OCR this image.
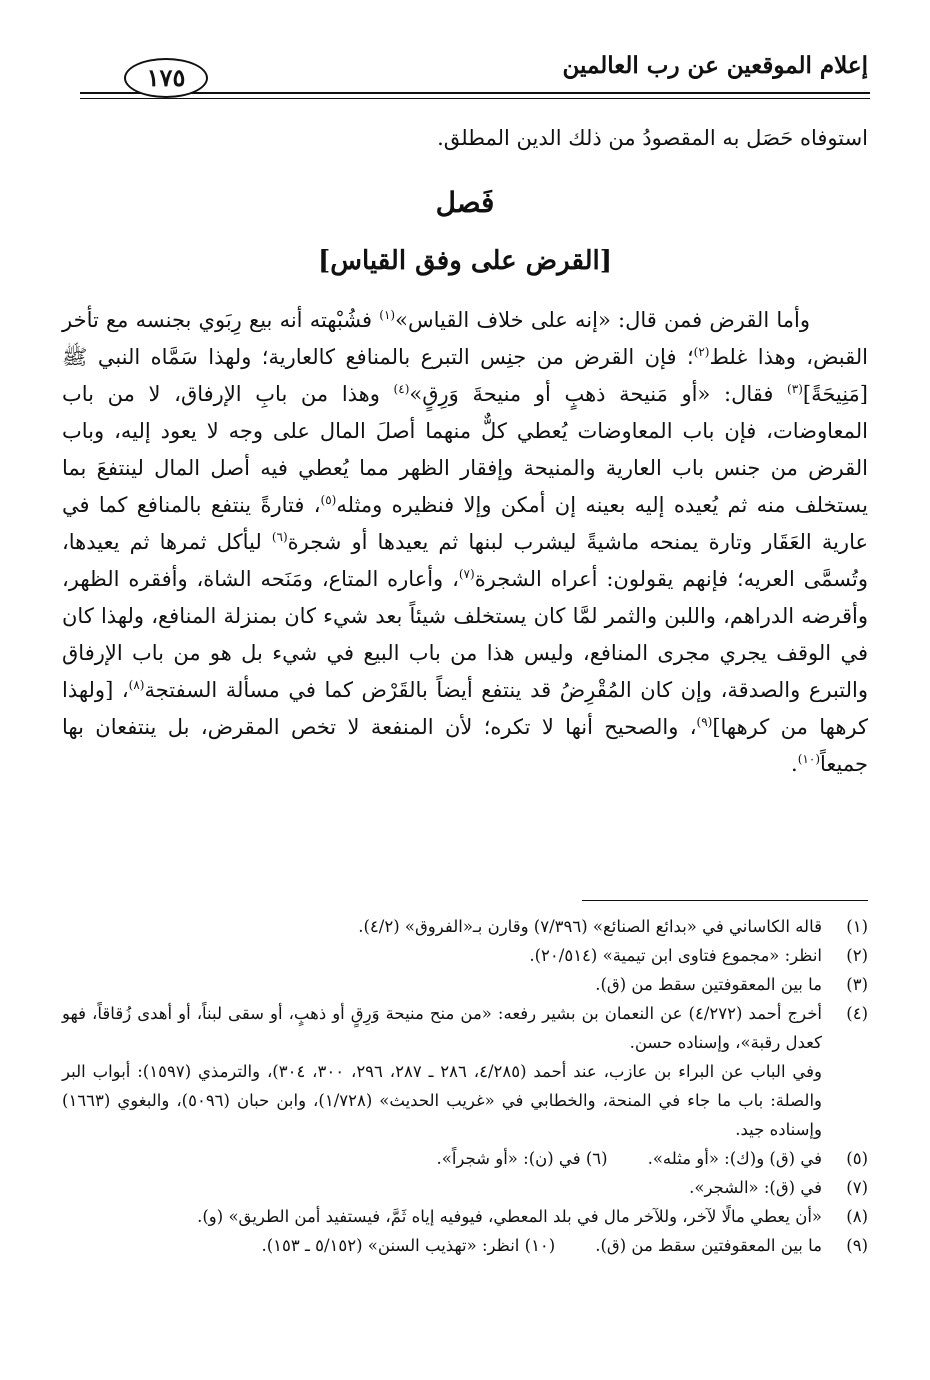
إعلام الموقعين عن رب العالمين
١٧٥
استوفاه حَصَل به المقصودُ من ذلك الدين المطلق.
فَصل
[القرض على وفق القياس]

وأما القرض فمن قال: «إنه على خلاف القياس»$^{(١)}$ فشُبْهته أنه بيع رِبَوي بجنسه مع تأخر القبض، وهذا غلط$^{(٢)}$؛ فإن القرض من جنِس التبرع بالمنافع كالعارية؛ ولهذا سَمَّاه النبي ﷺ [مَنِيحَةً]$^{(٣)}$ فقال: «أو مَنيحة ذهبٍ أو منيحةَ وَرِقٍ»$^{(٤)}$ وهذا من بابِ الإرفاق، لا من باب المعاوضات، فإن باب المعاوضات يُعطي كلٌّ منهما أصلَ المال على وجه لا يعود إليه، وباب القرض من جنس باب العارية والمنيحة وإفقار الظهر مما يُعطي فيه أصل المال لينتفعَ بما يستخلف منه ثم يُعيده إليه بعينه إن أمكن وإلا فنظيره ومثله$^{(٥)}$، فتارةً ينتفع بالمنافع كما في عارية العَقَار وتارة يمنحه ماشيةً ليشرب لبنها ثم يعيدها أو شجرة$^{(٦)}$ ليأكل ثمرها ثم يعيدها، وتُسمَّى العريه؛ فإنهم يقولون: أعراه الشجرة$^{(٧)}$، وأعاره المتاع، ومَنَحه الشاة، وأفقره الظهر، وأقرضه الدراهم، واللبن والثمر لمَّا كان يستخلف شيئاً بعد شيء كان بمنزلة المنافع، ولهذا كان في الوقف يجري مجرى المنافع، وليس هذا من باب البيع في شيء بل هو من باب الإرفاق والتبرع والصدقة، وإن كان المُقْرِضُ قد ينتفع أيضاً بالقَرْض كما في مسألة السفتجة$^{(٨)}$، [ولهذا كرهها من كرهها]$^{(٩)}$، والصحيح أنها لا تكره؛ لأن المنفعة لا تخص المقرض، بل ينتفعان بها جميعاً$^{(١٠)}$.

(١)
قاله الكاساني في «بدائع الصنائع» (٧/٣٩٦) وقارن بـ«الفروق» (٤/٢).
(٢)
انظر: «مجموع فتاوى ابن تيمية» (٢٠/٥١٤).
(٣)
ما بين المعقوفتين سقط من (ق).
(٤)
أخرج أحمد (٤/٢٧٢) عن النعمان بن بشير رفعه: «من منح منيحة وَرِقٍ أو ذهبٍ، أو سقى لبناً، أو أهدى زُقاقاً، فهو كعدل رقبة»، وإسناده حسن.
وفي الباب عن البراء بن عازب، عند أحمد (٤/٢٨٥، ٢٨٦ ـ ٢٨٧، ٢٩٦، ٣٠٠، ٣٠٤)، والترمذي (١٥٩٧): أبواب البر والصلة: باب ما جاء في المنحة، والخطابي في «غريب الحديث» (١/٧٢٨)، وابن حبان (٥٠٩٦)، والبغوي (١٦٦٣) وإسناده جيد.
(٥)
في (ق) و(ك): «أو مثله».(٦) في (ن): «أو شجراً».
(٧)
في (ق): «الشجر».
(٨)
«أن يعطي مالًا لآخر، وللآخر مال في بلد المعطي، فيوفيه إياه ثَمَّ، فيستفيد أمن الطريق» (و).
(٩)
ما بين المعقوفتين سقط من (ق).(١٠) انظر: «تهذيب السنن» (٥/١٥٢ ـ ١٥٣).
